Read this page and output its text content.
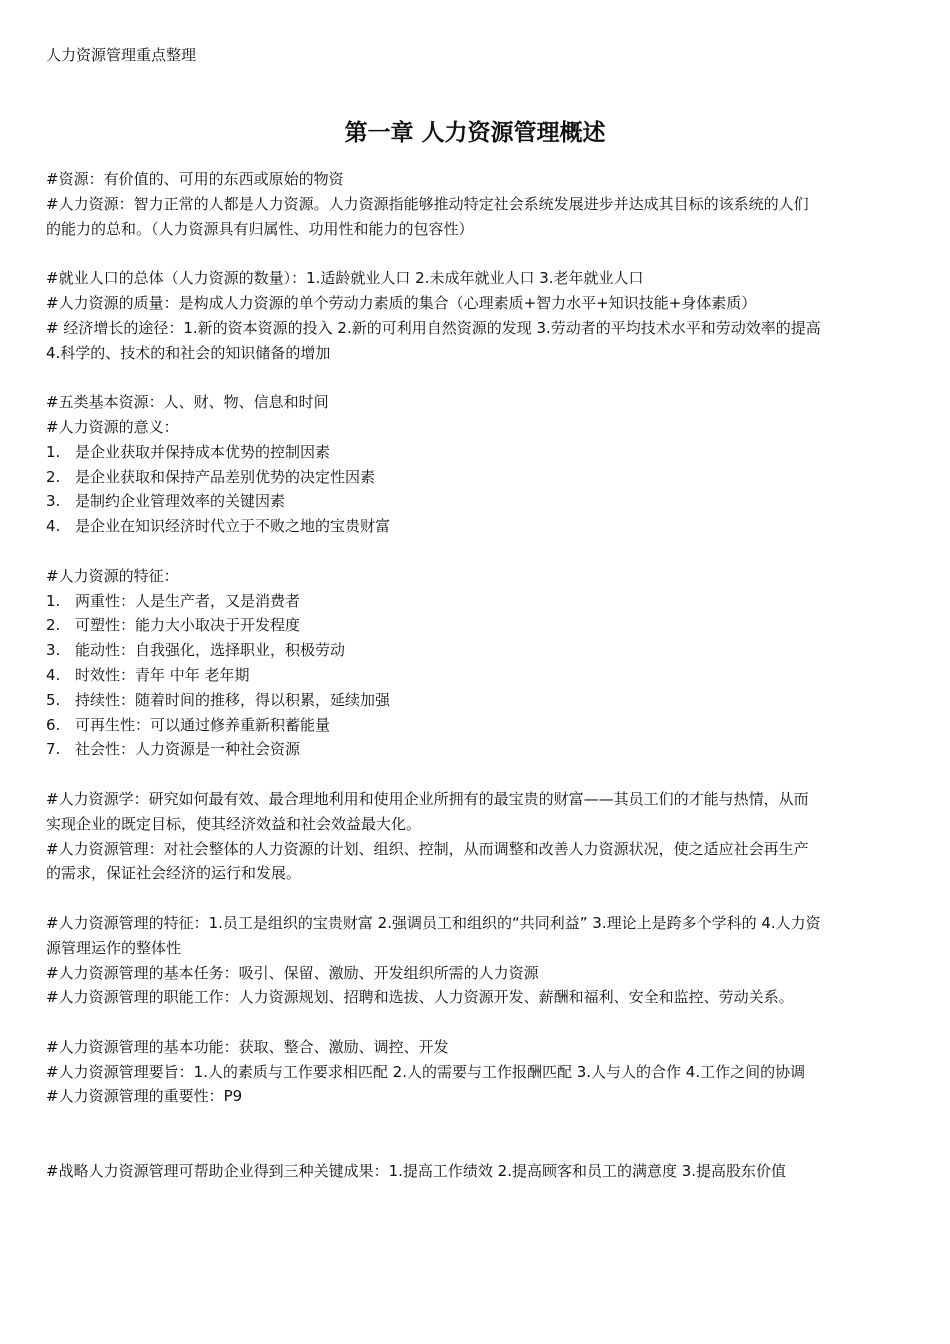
人力资源管理重点整理
第一章 人力资源管理概述

#资源：有价值的、可用的东西或原始的物资

#人力资源：智力正常的人都是人力资源。人力资源指能够推动特定社会系统发展进步并达成其目标的该系统的人们的能力的总和。（人力资源具有归属性、功用性和能力的包容性）

#就业人口的总体（人力资源的数量）：1.适龄就业人口 2.未成年就业人口 3.老年就业人口

#人力资源的质量：是构成人力资源的单个劳动力素质的集合（心理素质+智力水平+知识技能+身体素质）

# 经济增长的途径：1.新的资本资源的投入 2.新的可利用自然资源的发现 3.劳动者的平均技术水平和劳动效率的提高 4.科学的、技术的和社会的知识储备的增加

#五类基本资源：人、财、物、信息和时间

#人力资源的意义：

1. 是企业获取并保持成本优势的控制因素
2. 是企业获取和保持产品差别优势的决定性因素
3. 是制约企业管理效率的关键因素
4. 是企业在知识经济时代立于不败之地的宝贵财富

#人力资源的特征：

1. 两重性：人是生产者，又是消费者
2. 可塑性：能力大小取决于开发程度
3. 能动性：自我强化，选择职业，积极劳动
4. 时效性：青年 中年 老年期
5. 持续性：随着时间的推移，得以积累，延续加强
6. 可再生性：可以通过修养重新积蓄能量
7. 社会性：人力资源是一种社会资源

#人力资源学：研究如何最有效、最合理地利用和使用企业所拥有的最宝贵的财富——其员工们的才能与热情，从而实现企业的既定目标，使其经济效益和社会效益最大化。

#人力资源管理：对社会整体的人力资源的计划、组织、控制，从而调整和改善人力资源状况，使之适应社会再生产的需求，保证社会经济的运行和发展。

#人力资源管理的特征：1.员工是组织的宝贵财富 2.强调员工和组织的“共同利益” 3.理论上是跨多个学科的 4.人力资源管理运作的整体性

#人力资源管理的基本任务：吸引、保留、激励、开发组织所需的人力资源

#人力资源管理的职能工作：人力资源规划、招聘和选拔、人力资源开发、薪酬和福利、安全和监控、劳动关系。

#人力资源管理的基本功能：获取、整合、激励、调控、开发

#人力资源管理要旨：1.人的素质与工作要求相匹配 2.人的需要与工作报酬匹配 3.人与人的合作 4.工作之间的协调

#人力资源管理的重要性：P9

#战略人力资源管理可帮助企业得到三种关键成果：1.提高工作绩效 2.提高顾客和员工的满意度 3.提高股东价值
